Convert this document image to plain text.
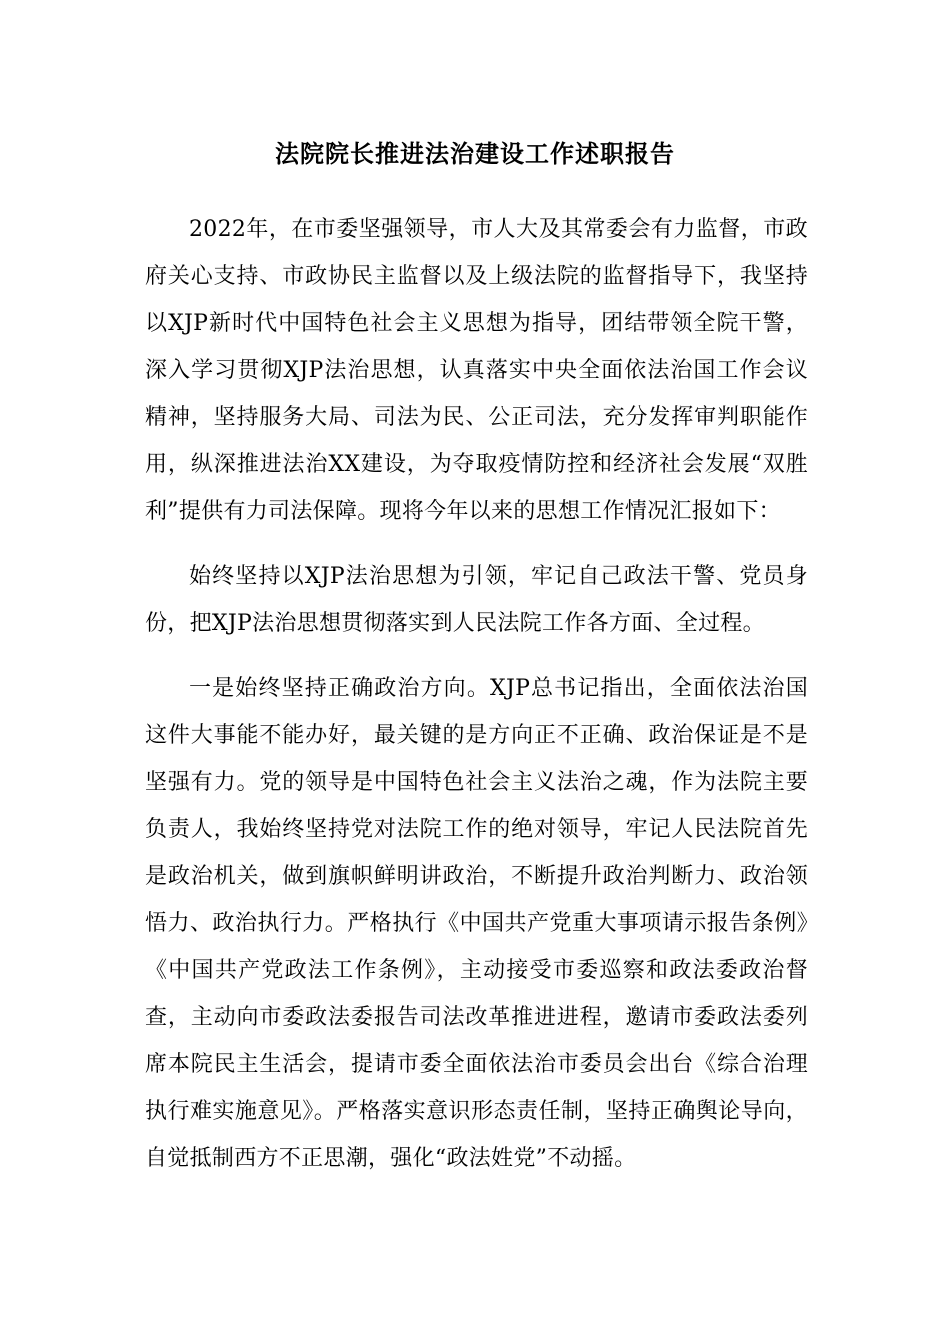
法院院长推进法治建设工作述职报告

2022年，在市委坚强领导，市人大及其常委会有力监督，市政府关心支持、市政协民主监督以及上级法院的监督指导下，我坚持以XJP新时代中国特色社会主义思想为指导，团结带领全院干警，深入学习贯彻XJP法治思想，认真落实中央全面依法治国工作会议精神，坚持服务大局、司法为民、公正司法，充分发挥审判职能作用，纵深推进法治XX建设，为夺取疫情防控和经济社会发展“双胜利”提供有力司法保障。现将今年以来的思想工作情况汇报如下：

始终坚持以XJP法治思想为引领，牢记自己政法干警、党员身份，把XJP法治思想贯彻落实到人民法院工作各方面、全过程。

一是始终坚持正确政治方向。XJP总书记指出，全面依法治国这件大事能不能办好，最关键的是方向正不正确、政治保证是不是坚强有力。党的领导是中国特色社会主义法治之魂，作为法院主要负责人，我始终坚持党对法院工作的绝对领导，牢记人民法院首先是政治机关，做到旗帜鲜明讲政治，不断提升政治判断力、政治领悟力、政治执行力。严格执行《中国共产党重大事项请示报告条例》《中国共产党政法工作条例》，主动接受市委巡察和政法委政治督查，主动向市委政法委报告司法改革推进进程，邀请市委政法委列席本院民主生活会，提请市委全面依法治市委员会出台《综合治理执行难实施意见》。严格落实意识形态责任制，坚持正确舆论导向，自觉抵制西方不正思潮，强化“政法姓党”不动摇。
